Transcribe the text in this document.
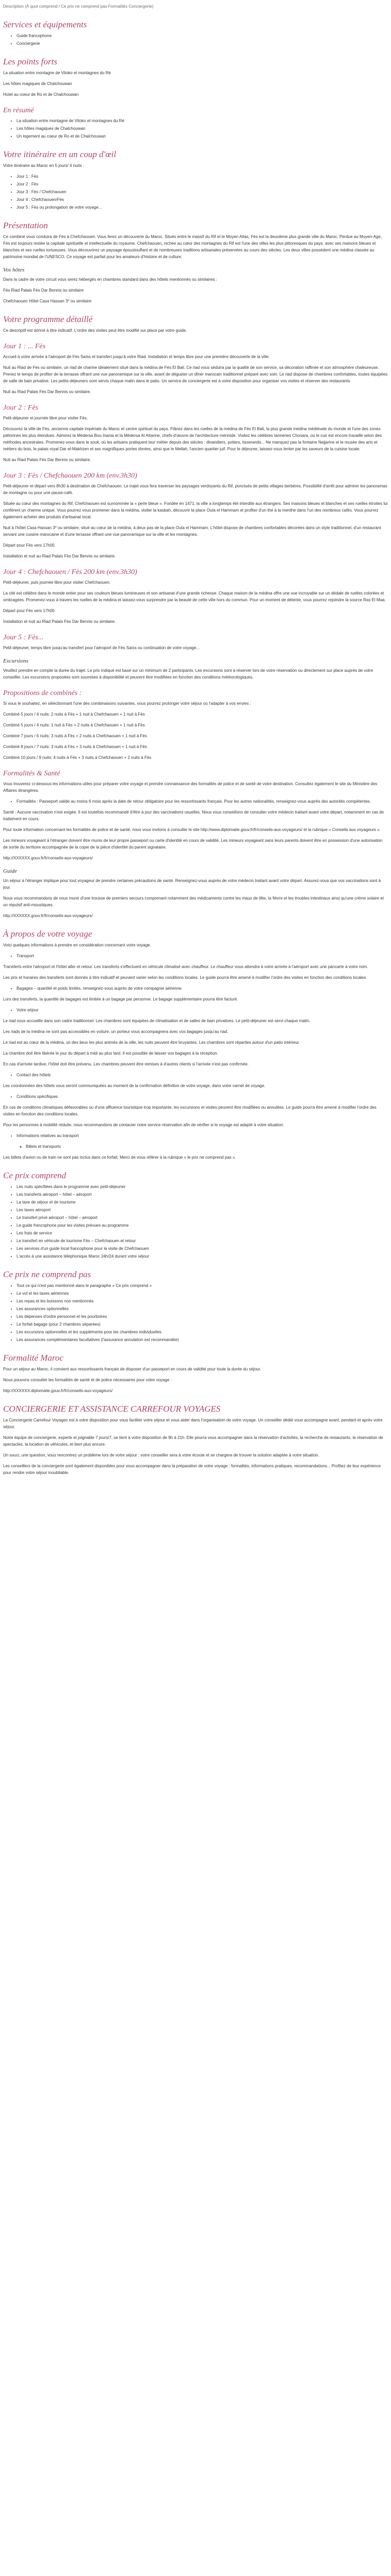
Description (À quoi comprend / Ce prix ne comprend pas Formalités Conciergerie)
Services et équipements
• Guide francophone
• Conciergerie
Les points forts

La situation entre montagne de Vitoko et montagnes du Ré

Les hôtes magiques de Chalchouwan

Hotel au coeur de Ro et de Chalchouwan

En résumé
• La situation entre montagne de Vitoko et montagnes du Ré
• Les hôtes magiques de Chalchouwan
• Un logement au coeur de Ro et de Chalchouwan
Votre itinéraire en un coup d'œil

Votre itinéraire au Maroc en 5 jours/ 4 nuits :

• Jour 1 : Fès
• Jour 2 : Fès
• Jour 3 : Fès / Chefchaouen
• Jour 4 : Chefchaouen/Fès
• Jour 5 : Fès ou prolongation de votre voyage...
Présentation

Ce combiné vous conduira de Fès à Chefchaouen. Vous ferez un découverte du Maroc. Situés entre le massif du Rif et le Moyen Atlas, Fès est la deuxième plus grande ville du Maroc. Perdue au Moyen-Age, Fès est toujours restée la capitale spirituelle et intellectuelle du royaume. Chefchaouen, nichée au cœur des montagnes du Rif est l'une des villes les plus pittoresques du pays, avec ses maisons bleues et blanches et ses ruelles tortueuses. Vous découvrirez un paysage époustouflant et de nombreuses traditions artisanales préservées au cours des siècles. Les deux villes possèdent une médina classée au patrimoine mondial de l'UNESCO. Ce voyage est parfait pour les amateurs d'histoire et de culture.

Vos hôtes

Dans la cadre de votre circuit vous serez hébergés en chambres standard dans des hôtels mentionnés ou similaires :

Fès Riad Palais Fès Dar Bennis ou similaire

Chefchaouen Hôtel Casa Hassan 3* ou similaire

Votre programme détaillé

Ce descriptif est donné à titre indicatif. L'ordre des visites peut être modifié sur place par votre guide.

Jour 1 : ... Fès

Accueil à votre arrivée à l'aéroport de Fès Saïss et transfert jusqu'à votre Riad. Installation et temps libre pour une première découverte de la ville.

Nuit au Riad de Fès ou similaire, un riad de charme idéalement situé dans la médina de Fès El Bali. Ce riad vous séduira par la qualité de son service, sa décoration raffinée et son atmosphère chaleureuse. Prenez le temps de profiter de la terrasse offrant une vue panoramique sur la ville, avant de déguster un dîner marocain traditionnel préparé avec soin. Le riad dispose de chambres confortables, toutes équipées de salle de bain privative. Les petits-déjeuners sont servis chaque matin dans le patio. Un service de conciergerie est à votre disposition pour organiser vos visites et réserver des restaurants.

Nuit au Riad Palais Fès Dar Bennis ou similaire.

Jour 2 : Fès

Petit-déjeuner et journée libre pour visiter Fès.

Découvrez la ville de Fès, ancienne capitale impériale du Maroc et centre spirituel du pays. Flânez dans les ruelles de la médina de Fès El Bali, la plus grande médina médiévale du monde et l'une des zones piétonnes les plus étendues. Admirez la Médersa Bou Inania et la Médersa Al Attarine, chefs-d'œuvre de l'architecture mérinide. Visitez les célèbres tanneries Chouara, où le cuir est encore travaillé selon des méthodes ancestrales. Promenez-vous dans le souk, où les artisans pratiquent leur métier depuis des siècles : dinandiers, potiers, tisserands... Ne manquez pas la fontaine Nejjarine et le musée des arts et métiers du bois, le palais royal Dar el-Makhzen et ses magnifiques portes dorées, ainsi que le Mellah, l'ancien quartier juif. Pour le déjeuner, laissez-vous tenter par les saveurs de la cuisine locale.

Nuit au Riad Palais Fès Dar Bennis ou similaire.

Jour 3 : Fès / Chefchaouen 200 km (env.3h30)

Petit-déjeuner et départ vers 8h30 à destination de Chefchaouen. Le trajet vous fera traverser les paysages verdoyants du Rif, ponctués de petits villages berbères. Possibilité d'arrêt pour admirer les panoramas de montagne ou pour une pause-café.

Située au cœur des montagnes du Rif, Chefchaouen est surnommée la « perle bleue ». Fondée en 1471, la ville a longtemps été interdite aux étrangers. Ses maisons bleues et blanches et ses ruelles étroites lui confèrent un charme unique. Vous pourrez vous promener dans la médina, visiter la kasbah, découvrir la place Outa el Hammam et profiter d'un thé à la menthe dans l'un des nombreux cafés. Vous pourrez également acheter des produits d'artisanat local.

Nuit à l'hôtel Casa Hassan 3* ou similaire, situé au cœur de la médina, à deux pas de la place Outa el Hammam. L'hôtel dispose de chambres confortables décorées dans un style traditionnel, d'un restaurant servant une cuisine marocaine et d'une terrasse offrant une vue panoramique sur la ville et les montagnes.

Départ pour Fès vers 17h00.

Installation et nuit au Riad Palais Fès Dar Bennis ou similaire.

Jour 4 : Chefchaouen / Fès 200 km (env.3h30)

Petit-déjeuner, puis journée libre pour visiter Chefchaouen.

La cité est célèbre dans le monde entier pour ses couleurs bleues lumineuses et son artisanat d'une grande richesse. Chaque maison de la médina offre une vue incroyable sur un dédale de ruelles colorées et ombragées. Promenez-vous à travers les ruelles de la médina et laissez-vous surprendre par la beauté de cette ville hors du commun. Pour un moment de détente, vous pourrez rejoindre la source Ras El Maa.

Départ pour Fès vers 17h00.

Installation et nuit au Riad Palais Fès Dar Bennis ou similaire.

Jour 5 : Fès...

Petit-déjeuner, temps libre jusqu'au transfert pour l'aéroport de Fès Saïss ou continuation de votre voyage...

Excursions

Veuillez prendre en compte la durée du trajet. Le prix indiqué est basé sur un minimum de 2 participants. Les excursions sont à réserver lors de votre réservation ou directement sur place auprès de votre conseiller. Les excursions proposées sont soumises à disponibilité et peuvent être modifiées en fonction des conditions météorologiques.

Propositions de combinés :

Si vous le souhaitez, en sélectionnant l'une des combinaisons suivantes, vous pourrez prolonger votre séjour ou l'adapter à vos envies :

Combiné 5 jours / 4 nuits: 2 nuits à Fès + 1 nuit à Chefchaouen + 1 nuit à Fès

Combiné 5 jours / 4 nuits: 1 nuit à Fès + 2 nuits à Chefchaouen + 1 nuit à Fès

Combiné 7 jours / 6 nuits: 3 nuits à Fès + 2 nuits à Chefchaouen + 1 nuit à Fès

Combiné 8 jours / 7 nuits: 3 nuits à Fès + 3 nuits à Chefchaouen + 1 nuit à Fès

Combiné 10 jours / 9 nuits: 4 nuits à Fès + 3 nuits à Chefchaouen + 2 nuits à Fès

Formalités & Santé

Vous trouverez ci-dessous les informations utiles pour préparer votre voyage et prendre connaissance des formalités de police et de santé de votre destination. Consultez également le site du Ministère des Affaires étrangères.

• Formalités : Passeport valide au moins 6 mois après la date de retour obligatoire pour les ressortissants français. Pour les autres nationalités, renseignez-vous auprès des autorités compétentes.

Santé : Aucune vaccination n'est exigée. Il est toutefois recommandé d'être à jour des vaccinations usuelles. Nous vous conseillons de consulter votre médecin traitant avant votre départ, notamment en cas de traitement en cours.

Pour toute information concernant les formalités de police et de santé, nous vous invitons à consulter le site http://www.diplomatie.gouv.fr/fr/conseils-aux-voyageurs/ et la rubrique « Conseils aux voyageurs ».

Les mineurs voyageant à l'étranger doivent être munis de leur propre passeport ou carte d'identité en cours de validité. Les mineurs voyageant sans leurs parents doivent être en possession d'une autorisation de sortie du territoire accompagnée de la copie de la pièce d'identité du parent signataire.

http://XXXXXX.gouv.fr/fr/conseils-aux-voyageurs/

Guide

Un séjour à l'étranger implique pour tout voyageur de prendre certaines précautions de santé. Renseignez-vous auprès de votre médecin traitant avant votre départ. Assurez-vous que vos vaccinations sont à jour.

Nous vous recommandons de vous munir d'une trousse de premiers secours comprenant notamment des médicaments contre les maux de tête, la fièvre et les troubles intestinaux ainsi qu'une crème solaire et un répulsif anti-moustiques.

http://XXXXXX.gouv.fr/fr/conseils-aux-voyageurs/

À propos de votre voyage

Voici quelques informations à prendre en considération concernant votre voyage.

• Transport

Transferts entre l'aéroport et l'hôtel aller et retour. Les transferts s'effectuent en véhicule climatisé avec chauffeur. Le chauffeur vous attendra à votre arrivée à l'aéroport avec une pancarte à votre nom.

Les prix et horaires des transferts sont donnés à titre indicatif et peuvent varier selon les conditions locales. Le guide pourra être amené à modifier l'ordre des visites en fonction des conditions locales.

• Bagages – quantité et poids limités, renseignez-vous auprès de votre compagnie aérienne.

Lors des transferts, la quantité de bagages est limitée à un bagage par personne. Le bagage supplémentaire pourra être facturé.

• Votre séjour

Le riad vous accueille dans son cadre traditionnel. Les chambres sont équipées de climatisation et de salles de bain privatives. Le petit-déjeuner est servi chaque matin.

Les riads de la médina ne sont pas accessibles en voiture, un porteur vous accompagnera avec vos bagages jusqu'au riad.

Le riad est au cœur de la médina, un des lieux les plus animés de la ville, les nuits peuvent être bruyantes. Les chambres sont réparties autour d'un patio intérieur.

La chambre doit être libérée le jour du départ à midi au plus tard. Il est possible de laisser vos bagages à la réception.

En cas d'arrivée tardive, l'hôtel doit être prévenu. Les chambres peuvent être remises à d'autres clients si l'arrivée n'est pas confirmée.

• Contact des hôtels

Les coordonnées des hôtels vous seront communiquées au moment de la confirmation définitive de votre voyage, dans votre carnet de voyage.

• Conditions spécifiques

En cas de conditions climatiques défavorables ou d'une affluence touristique trop importante, les excursions et visites peuvent être modifiées ou annulées. Le guide pourra être amené à modifier l'ordre des visites en fonction des conditions locales.

Pour les personnes à mobilité réduite, nous recommandons de contacter notre service réservation afin de vérifier si le voyage est adapté à votre situation.

• Informations relatives au transport
◦ Billets et transports

Les billets d'avion ou de train ne sont pas inclus dans ce forfait. Merci de vous référer à la rubrique « le prix ne comprend pas ».

Ce prix comprend
• Les nuits spécifiées dans le programme avec petit-déjeuner
• Les transferts aéroport – hôtel – aéroport
• La taxe de séjour et de tourisme
• Les taxes aéroport
• Le transfert privé aéroport – hôtel – aéroport
• Le guide francophone pour les visites prévues au programme
• Les frais de service
• Le transfert en véhicule de tourisme Fès – Chefchaouen et retour
• Les services d'un guide local francophone pour la visite de Chefchaouen
• L'accès à une assistance téléphonique Maroc 24h/24 durant votre séjour
Ce prix ne comprend pas
• Tout ce qui n'est pas mentionné dans le paragraphe « Ce prix comprend »
• Le vol et les taxes aériennes
• Les repas et les boissons non mentionnés
• Les assurances optionnelles
• Les dépenses d'ordre personnel et les pourboires
• Le forfait bagage (pour 2 chambres séparées)
• Les excursions optionnelles et les suppléments pour les chambres individuelles
• Les assurances complémentaires facultatives (l'assurance annulation est recommandée)
Formalité Maroc

Pour un séjour au Maroc, il convient aux ressortissants français de disposer d'un passeport en cours de validité pour toute la durée du séjour.

Nous pouvons consulter les formalités de santé et de police nécessaires pour votre voyage :

http://XXXXXX.diplomatie.gouv.fr/fr/conseils-aux-voyageurs/

CONCIERGERIE ET ASSISTANCE CARREFOUR VOYAGES

La Conciergerie Carrefour Voyages est à votre disposition pour vous faciliter votre séjour et vous aider dans l'organisation de votre voyage. Un conseiller dédié vous accompagne avant, pendant et après votre séjour.

Notre équipe de conciergerie, experte et joignable 7 jours/7, se tient à votre disposition de 9h à 21h. Elle pourra vous accompagner dans la réservation d'activités, la recherche de restaurants, la réservation de spectacles, la location de véhicules, et bien plus encore.

Un souci, une question, vous rencontrez un problème lors de votre séjour : votre conseiller sera à votre écoute et se chargera de trouver la solution adaptée à votre situation.

Les conseillers de la conciergerie sont également disponibles pour vous accompagner dans la préparation de votre voyage : formalités, informations pratiques, recommandations... Profitez de leur expérience pour rendre votre séjour inoubliable.
